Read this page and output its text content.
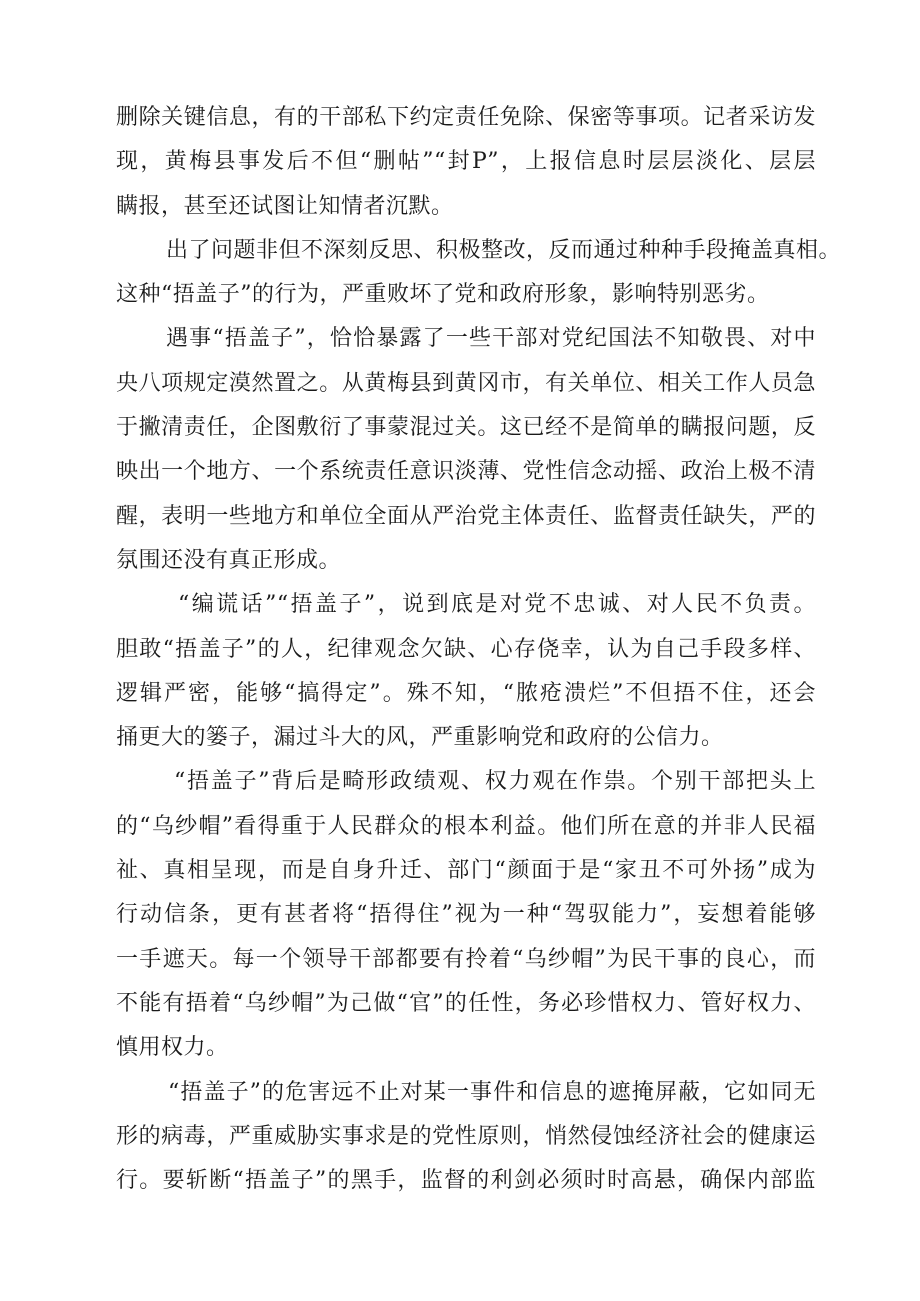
删除关键信息，有的干部私下约定责任免除、保密等事项。记者采访发
现，黄梅县事发后不但“删帖”“封P”，上报信息时层层淡化、层层
瞒报，甚至还试图让知情者沉默。
出了问题非但不深刻反思、积极整改，反而通过种种手段掩盖真相。
这种“捂盖子”的行为，严重败坏了党和政府形象，影响特别恶劣。
遇事“捂盖子”，恰恰暴露了一些干部对党纪国法不知敬畏、对中
央八项规定漠然置之。从黄梅县到黄冈市，有关单位、相关工作人员急
于撇清责任，企图敷衍了事蒙混过关。这已经不是简单的瞒报问题，反
映出一个地方、一个系统责任意识淡薄、党性信念动摇、政治上极不清
醒，表明一些地方和单位全面从严治党主体责任、监督责任缺失，严的
氛围还没有真正形成。
“编谎话”“捂盖子”，说到底是对党不忠诚、对人民不负责。
胆敢“捂盖子”的人，纪律观念欠缺、心存侥幸，认为自己手段多样、
逻辑严密，能够“搞得定”。殊不知，“脓疮溃烂”不但捂不住，还会
捅更大的篓子，漏过斗大的风，严重影响党和政府的公信力。
“捂盖子”背后是畸形政绩观、权力观在作祟。个别干部把头上
的“乌纱帽”看得重于人民群众的根本利益。他们所在意的并非人民福
祉、真相呈现，而是自身升迁、部门“颜面于是“家丑不可外扬”成为
行动信条，更有甚者将“捂得住”视为一种“驾驭能力”，妄想着能够
一手遮天。每一个领导干部都要有拎着“乌纱帽”为民干事的良心，而
不能有捂着“乌纱帽”为己做“官”的任性，务必珍惜权力、管好权力、
慎用权力。
“捂盖子”的危害远不止对某一事件和信息的遮掩屏蔽，它如同无
形的病毒，严重威胁实事求是的党性原则，悄然侵蚀经济社会的健康运
行。要斩断“捂盖子”的黑手，监督的利剑必须时时高悬，确保内部监
